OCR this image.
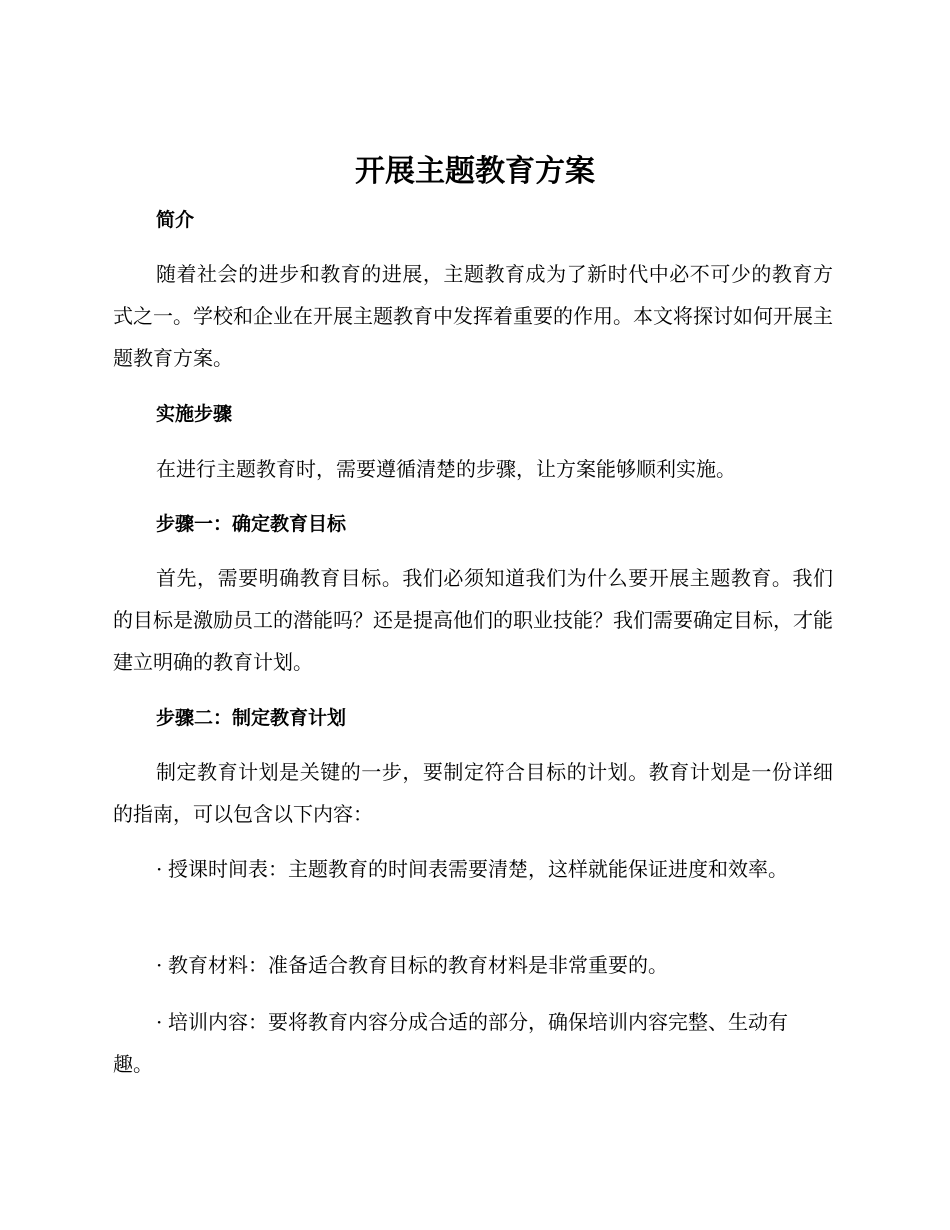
开展主题教育方案
简介

随着社会的进步和教育的进展，主题教育成为了新时代中必不可少的教育方式之一。学校和企业在开展主题教育中发挥着重要的作用。本文将探讨如何开展主题教育方案。

实施步骤

在进行主题教育时，需要遵循清楚的步骤，让方案能够顺利实施。

步骤一：确定教育目标

首先，需要明确教育目标。我们必须知道我们为什么要开展主题教育。我们的目标是激励员工的潜能吗？还是提高他们的职业技能？我们需要确定目标，才能建立明确的教育计划。

步骤二：制定教育计划

制定教育计划是关键的一步，要制定符合目标的计划。教育计划是一份详细的指南，可以包含以下内容：

· 授课时间表：主题教育的时间表需要清楚，这样就能保证进度和效率。

· 教育材料：准备适合教育目标的教育材料是非常重要的。

· 培训内容：要将教育内容分成合适的部分，确保培训内容完整、生动有趣。
